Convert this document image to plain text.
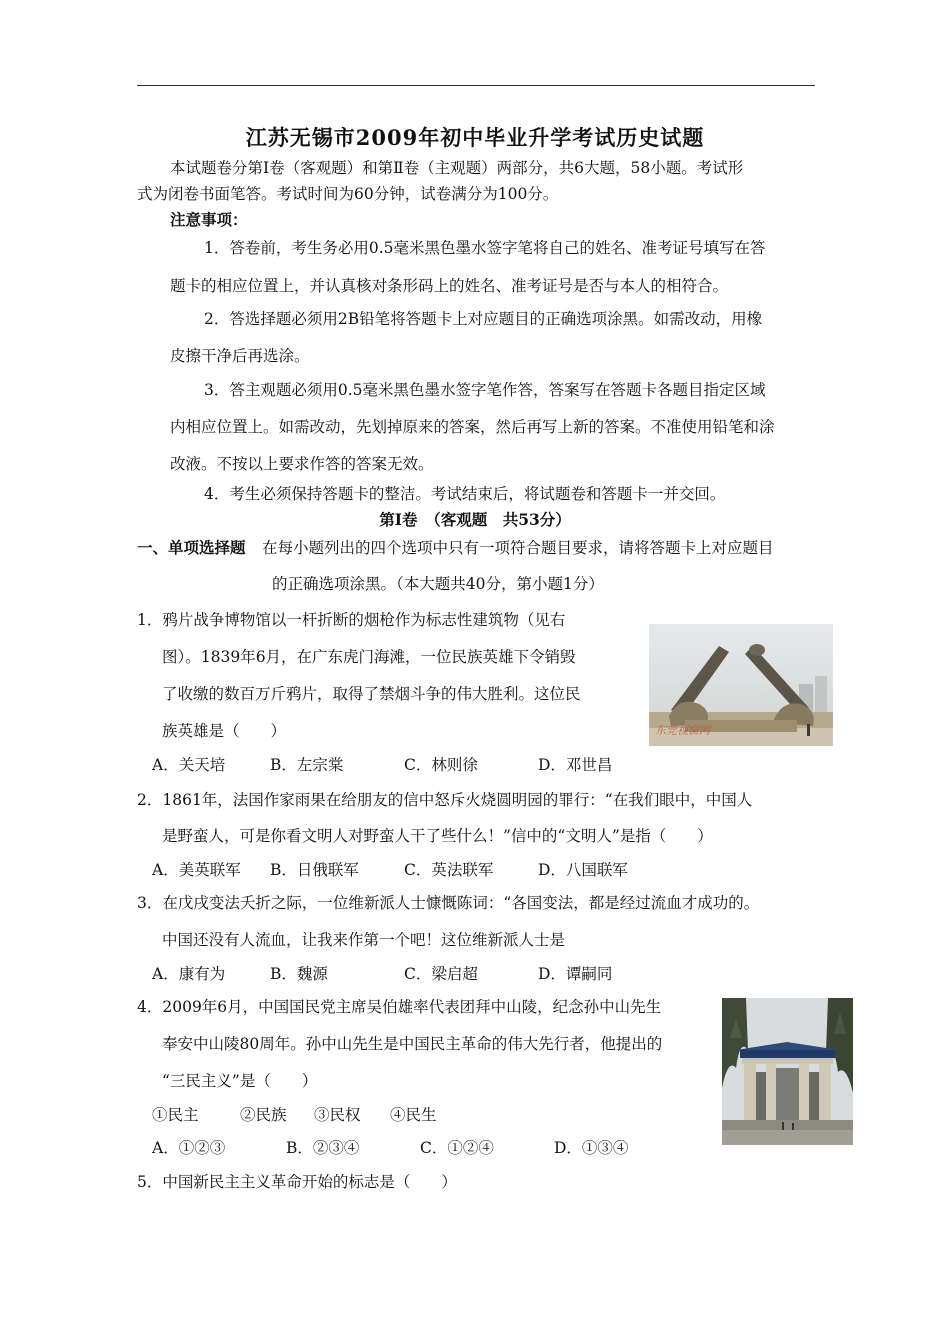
江苏无锡市2009年初中毕业升学考试历史试题
本试题卷分第Ⅰ卷（客观题）和第Ⅱ卷（主观题）两部分，共6大题，58小题。考试形
式为闭卷书面笔答。考试时间为60分钟，试卷满分为100分。
注意事项：
1．答卷前，考生务必用0.5毫米黑色墨水签字笔将自己的姓名、准考证号填写在答
题卡的相应位置上，并认真核对条形码上的姓名、准考证号是否与本人的相符合。
2．答选择题必须用2B铅笔将答题卡上对应题目的正确选项涂黑。如需改动，用橡
皮擦干净后再选涂。
3．答主观题必须用0.5毫米黑色墨水签字笔作答，答案写在答题卡各题目指定区域
内相应位置上。如需改动，先划掉原来的答案，然后再写上新的答案。不准使用铅笔和涂
改液。不按以上要求作答的答案无效。
4．考生必须保持答题卡的整洁。考试结束后，将试题卷和答题卡一并交回。
第Ⅰ卷　（客观题　共53分）
一、单项选择题 在每小题列出的四个选项中只有一项符合题目要求，请将答题卡上对应题目
的正确选项涂黑。（本大题共40分，第小题1分）
1．鸦片战争博物馆以一杆折断的烟枪作为标志性建筑物（见右
图）。1839年6月，在广东虎门海滩，一位民族英雄下令销毁
了收缴的数百万斤鸦片，取得了禁烟斗争的伟大胜利。这位民
族英雄是（　　）
A．关天培	B．左宗棠	C．林则徐	D．邓世昌
东莞视窗网
2．1861年，法国作家雨果在给朋友的信中怒斥火烧圆明园的罪行：“在我们眼中，中国人
是野蛮人，可是你看文明人对野蛮人干了些什么！”信中的“文明人”是指（　　）
A．美英联军 B．日俄联军	C．英法联军	D．八国联军
3．在戊戌变法夭折之际，一位维新派人士慷慨陈词：“各国变法，都是经过流血才成功的。
中国还没有人流血，让我来作第一个吧！这位维新派人士是
A．康有为	B．魏源	C．梁启超	D．谭嗣同
4．2009年6月，中国国民党主席吴伯雄率代表团拜中山陵，纪念孙中山先生
奉安中山陵80周年。孙中山先生是中国民主革命的伟大先行者，他提出的
“三民主义”是（　　）
①民主	②民族 ③民权 ④民生
A．①②③	B．②③④	C．①②④	D．①③④
5．中国新民主主义革命开始的标志是（　　）
